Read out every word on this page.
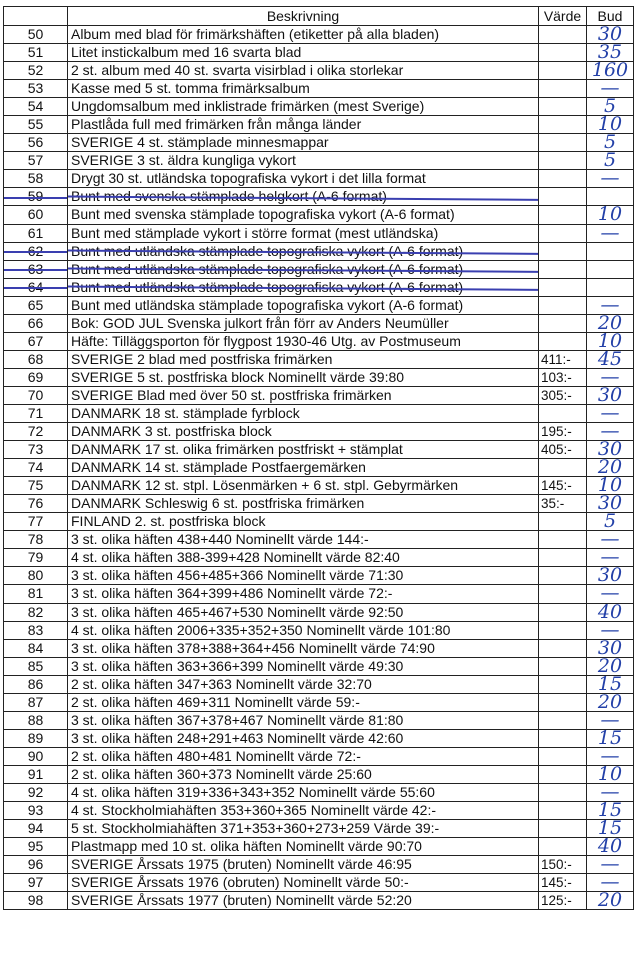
	Beskrivning	Värde	Bud
50	Album med blad för frimärkshäften (etiketter på alla bladen)		30
51	Litet instickalbum med 16 svarta blad		35
52	2 st. album med 40 st. svarta visirblad i olika storlekar		160
53	Kasse med 5 st. tomma frimärksalbum		—
54	Ungdomsalbum med inklistrade frimärken (mest Sverige)		5
55	Plastlåda full med frimärken från många länder		10
56	SVERIGE 4 st. stämplade minnesmappar		5
57	SVERIGE 3 st. äldra kungliga vykort		5
58	Drygt 30 st. utländska topografiska vykort i det lilla format		—
59	Bunt med svenska stämplade helgkort (A-6 format)		
60	Bunt med svenska stämplade topografiska vykort (A-6 format)		10
61	Bunt med stämplade vykort i större format (mest utländska)		—
62	Bunt med utländska stämplade topografiska vykort (A-6 format)		
63	Bunt med utländska stämplade topografiska vykort (A-6 format)		
64	Bunt med utländska stämplade topografiska vykort (A-6 format)		
65	Bunt med utländska stämplade topografiska vykort (A-6 format)		—
66	Bok: GOD JUL Svenska julkort från förr av Anders Neumüller		20
67	Häfte: Tilläggsporton för flygpost 1930-46 Utg. av Postmuseum		10
68	SVERIGE 2 blad med postfriska frimärken	411:-	45
69	SVERIGE 5 st. postfriska block Nominellt värde 39:80	103:-	—
70	SVERIGE Blad med över 50 st. postfriska frimärken	305:-	30
71	DANMARK 18 st. stämplade fyrblock		—
72	DANMARK 3 st. postfriska block	195:-	—
73	DANMARK 17 st. olika frimärken postfriskt + stämplat	405:-	30
74	DANMARK 14 st. stämplade Postfaergemärken		20
75	DANMARK 12 st. stpl. Lösenmärken + 6 st. stpl. Gebyrmärken	145:-	10
76	DANMARK Schleswig 6 st. postfriska frimärken	35:-	30
77	FINLAND 2. st. postfriska block		5
78	3 st. olika häften 438+440 Nominellt värde 144:-		—
79	4 st. olika häften 388-399+428 Nominellt värde 82:40		—
80	3 st. olika häften 456+485+366 Nominellt värde 71:30		30
81	3 st. olika häften 364+399+486 Nominellt värde 72:-		—
82	3 st. olika häften 465+467+530 Nominellt värde 92:50		40
83	4 st. olika häften 2006+335+352+350 Nominellt värde 101:80		—
84	3 st. olika häften 378+388+364+456 Nominellt värde 74:90		30
85	3 st. olika häften 363+366+399 Nominellt värde 49:30		20
86	2 st. olika häften 347+363 Nominellt värde 32:70		15
87	2 st. olika häften 469+311 Nominellt värde 59:-		20
88	3 st. olika häften 367+378+467 Nominellt värde 81:80		—
89	3 st. olika häften 248+291+463 Nominellt värde 42:60		15
90	2 st. olika häften 480+481 Nominellt värde 72:-		—
91	2 st. olika häften 360+373 Nominellt värde 25:60		10
92	4 st. olika häften 319+336+343+352 Nominellt värde 55:60		—
93	4 st. Stockholmiahäften 353+360+365 Nominellt värde 42:-		15
94	5 st. Stockholmiahäften 371+353+360+273+259 Värde 39:-		15
95	Plastmapp med 10 st. olika häften Nominellt värde 90:70		40
96	SVERIGE Årssats 1975 (bruten) Nominellt värde 46:95	150:-	—
97	SVERIGE Årssats 1976 (obruten) Nominellt värde 50:-	145:-	—
98	SVERIGE Årssats 1977 (bruten) Nominellt värde 52:20	125:-	20
